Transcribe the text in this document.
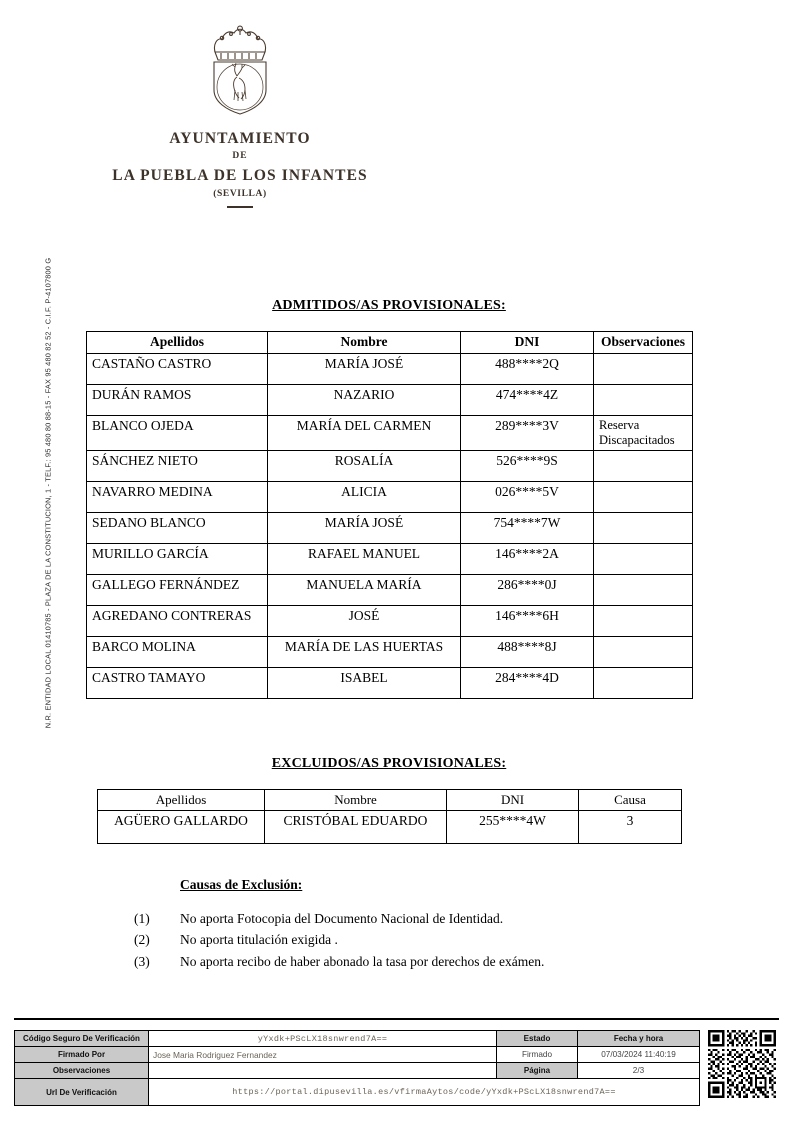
AYUNTAMIENTO
DE
LA PUEBLA DE LOS INFANTES
(SEVILLA)
N.R. ENTIDAD LOCAL 01410785 - PLAZA DE LA CONSTITUCION, 1 - TELF.: 95 480 80 88-15 - FAX 95 480 82 52 - C.I.F. P-4107800 G	ADMITIDOS/AS PROVISIONALES:
Apellidos	Nombre	DNI	Observaciones
CASTAÑO CASTRO	MARÍA JOSÉ	488****2Q	
DURÁN RAMOS	NAZARIO	474****4Z	
BLANCO OJEDA	MARÍA DEL CARMEN	289****3V	Reserva Discapacitados
SÁNCHEZ NIETO	ROSALÍA	526****9S	
NAVARRO MEDINA	ALICIA	026****5V	
SEDANO BLANCO	MARÍA JOSÉ	754****7W	
MURILLO GARCÍA	RAFAEL MANUEL	146****2A	
GALLEGO FERNÁNDEZ	MANUELA MARÍA	286****0J	
AGREDANO CONTRERAS	JOSÉ	146****6H	
BARCO MOLINA	MARÍA DE LAS HUERTAS	488****8J	
CASTRO TAMAYO	ISABEL	284****4D	
EXCLUIDOS/AS PROVISIONALES:
Apellidos	Nombre	DNI	Causa
AGÜERO GALLARDO	CRISTÓBAL EDUARDO	255****4W	3
Causas de Exclusión:
(1)	No aporta Fotocopia del Documento Nacional de Identidad.
(2)	No aporta titulación exigida .
(3)	No aporta recibo de haber abonado la tasa por derechos de exámen.
Código Seguro De Verificación	yYxdk+PScLX18snwrend7A==	Estado	Fecha y hora
Firmado Por	Jose Maria Rodriguez Fernandez	Firmado	07/03/2024 11:40:19
Observaciones		Página	2/3
Url De Verificación	https://portal.dipusevilla.es/vfirmaAytos/code/yYxdk+PScLX18snwrend7A==		
